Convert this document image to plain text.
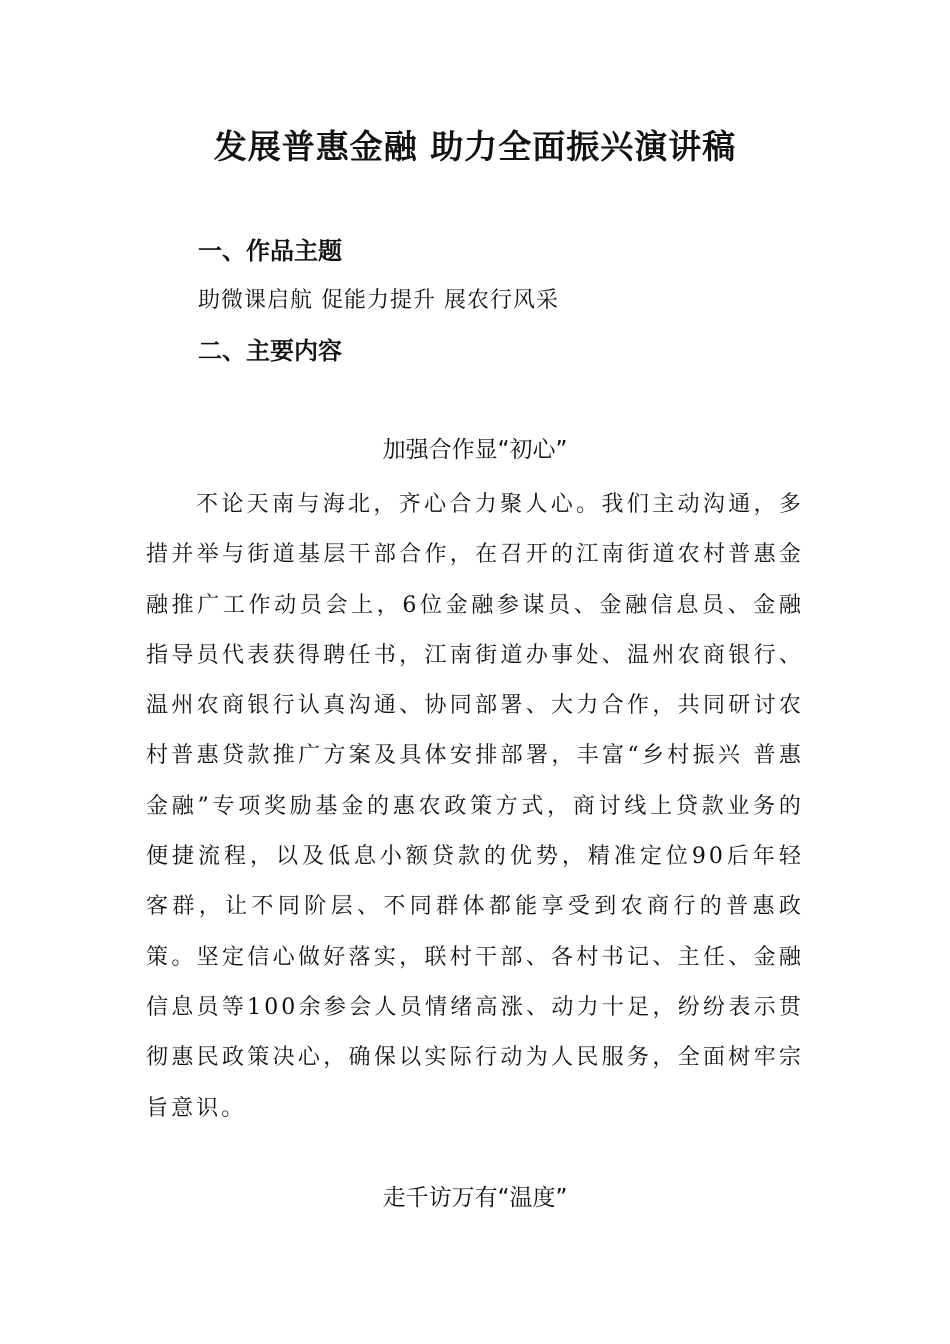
发展普惠金融 助力全面振兴演讲稿
一、作品主题
助微课启航 促能力提升 展农行风采
二、主要内容
加强合作显“初心”

不论天南与海北，齐心合力聚人心。我们主动沟通，多措并举与街道基层干部合作，在召开的江南街道农村普惠金融推广工作动员会上，6位金融参谋员、金融信息员、金融指导员代表获得聘任书，江南街道办事处、温州农商银行、温州农商银行认真沟通、协同部署、大力合作，共同研讨农村普惠贷款推广方案及具体安排部署，丰富“乡村振兴 普惠金融”专项奖励基金的惠农政策方式，商讨线上贷款业务的便捷流程，以及低息小额贷款的优势，精准定位90后年轻客群，让不同阶层、不同群体都能享受到农商行的普惠政策。坚定信心做好落实，联村干部、各村书记、主任、金融信息员等100余参会人员情绪高涨、动力十足，纷纷表示贯彻惠民政策决心，确保以实际行动为人民服务，全面树牢宗旨意识。

走千访万有“温度”
